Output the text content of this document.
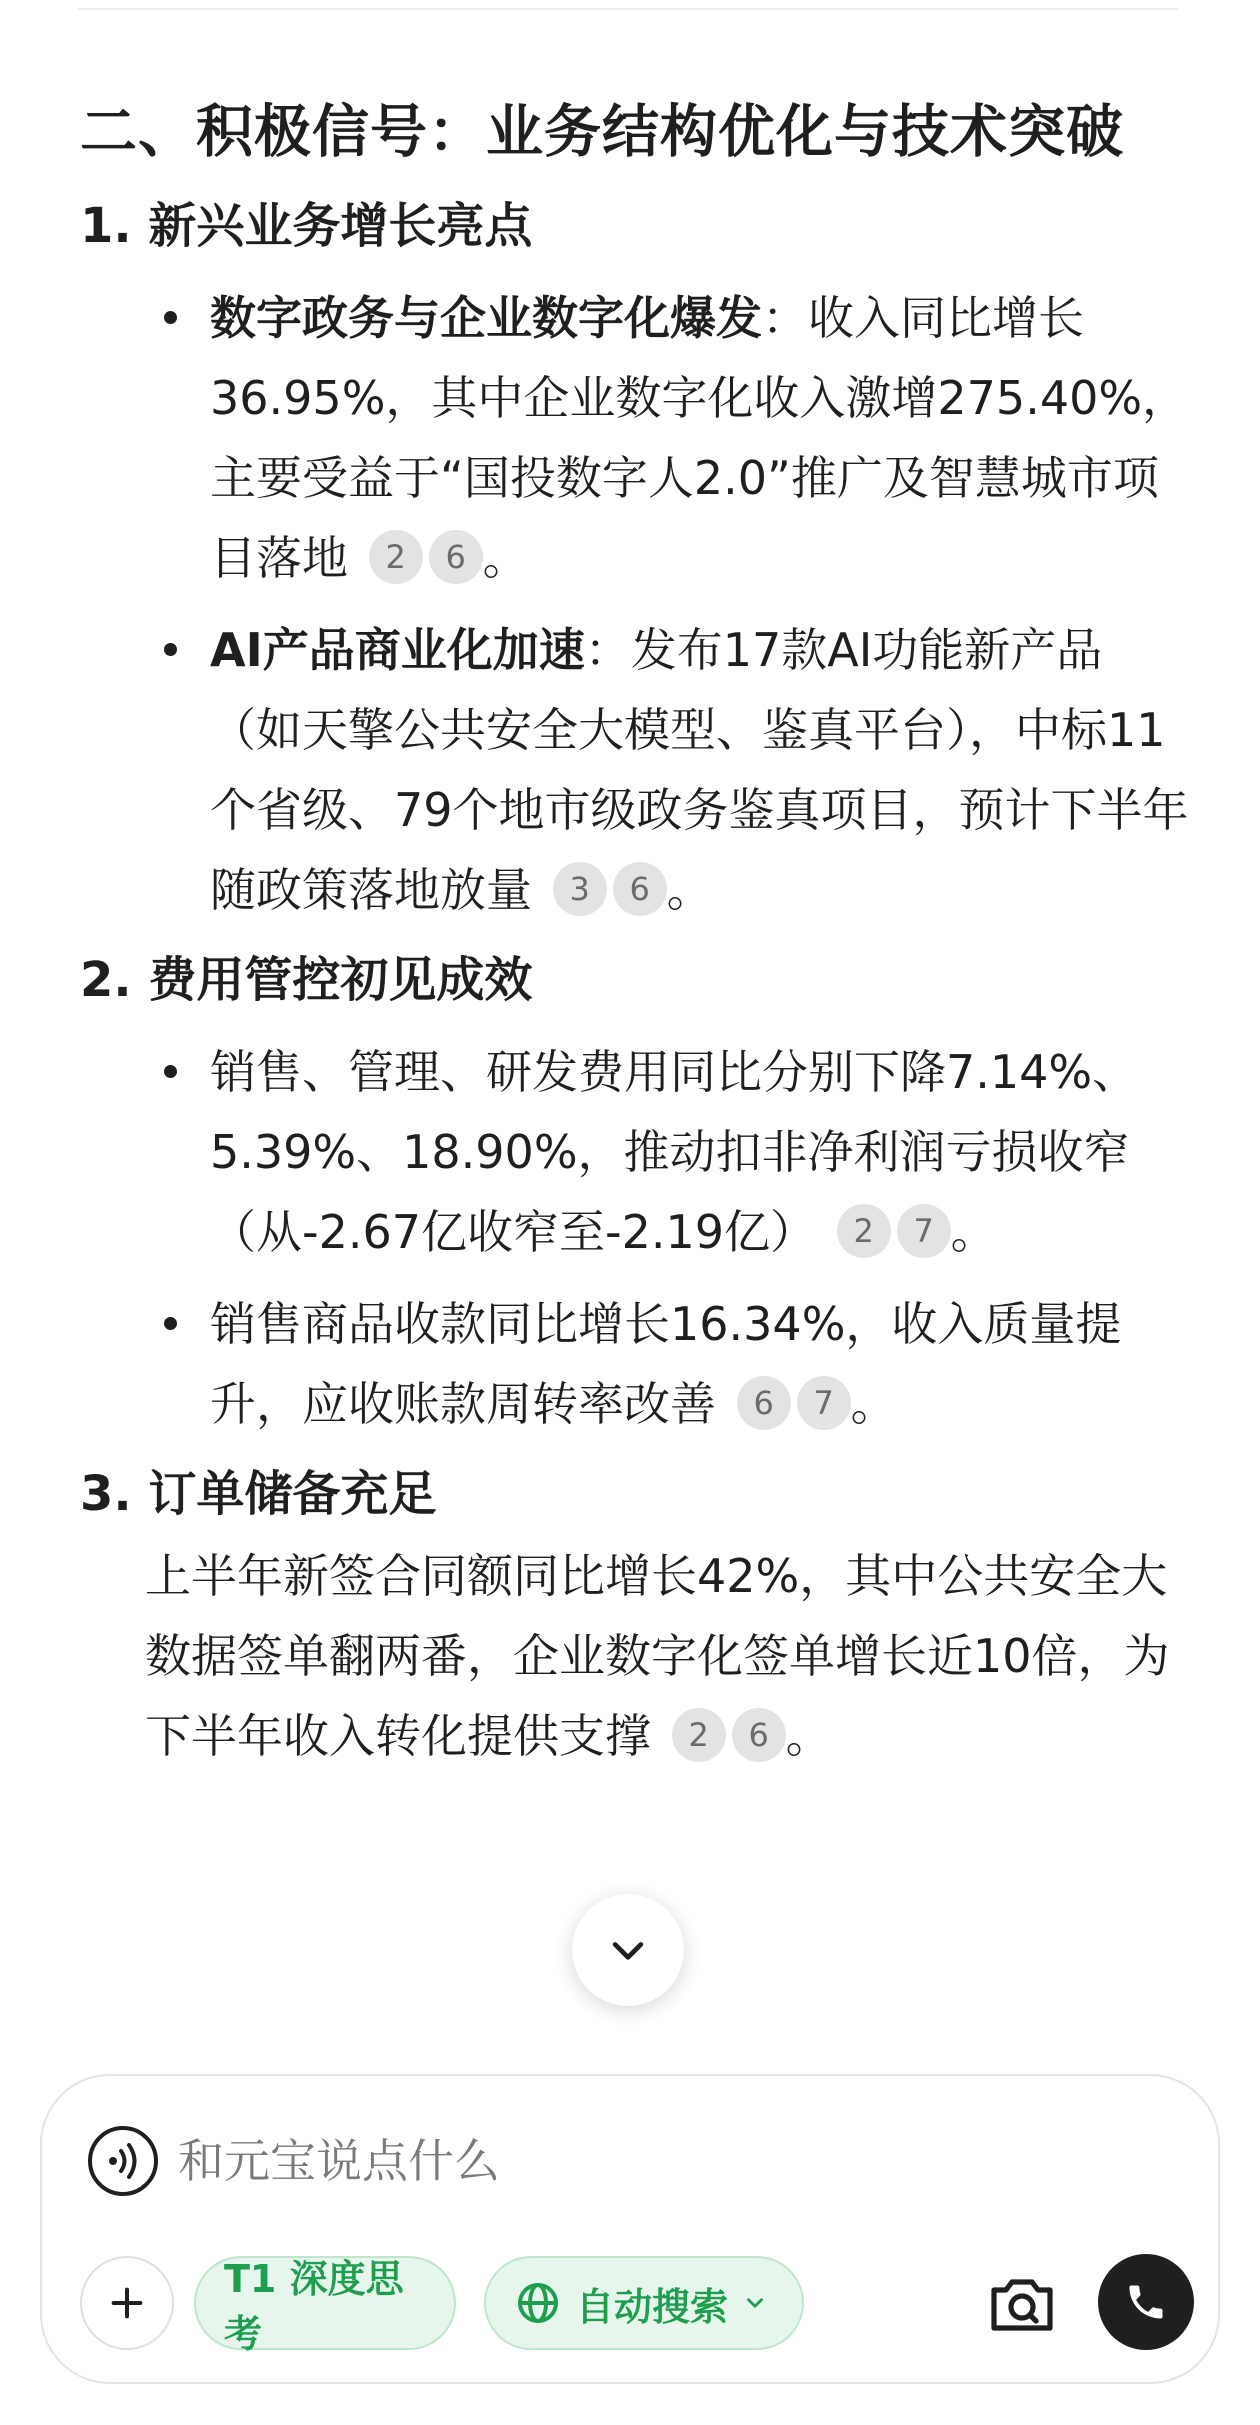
二、积极信号：业务结构优化与技术突破
1. 新兴业务增长亮点
数字政务与企业数字化爆发：收入同比增长36.95%，其中企业数字化收入激增275.40%，主要受益于“国投数字人2.0”推广及智慧城市项目落地 2 6 。
AI产品商业化加速：发布17款AI功能新产品（如天擎公共安全大模型、鉴真平台），中标11个省级、79个地市级政务鉴真项目，预计下半年随政策落地放量 3 6 。
2. 费用管控初见成效
销售、管理、研发费用同比分别下降7.14%、5.39%、18.90%，推动扣非净利润亏损收窄（从-2.67亿收窄至-2.19亿） 2 7 。
销售商品收款同比增长16.34%，收入质量提升，应收账款周转率改善 6 7 。
3. 订单储备充足
上半年新签合同额同比增长42%，其中公共安全大数据签单翻两番，企业数字化签单增长近10倍，为下半年收入转化提供支撑 2 6 。
和元宝说点什么
T1 深度思考
自动搜索
